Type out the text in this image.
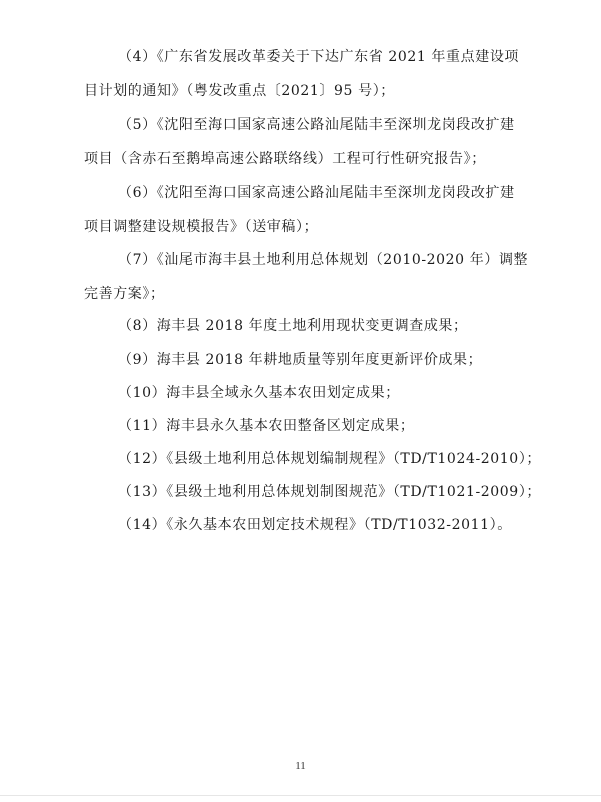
（4）《广东省发展改革委关于下达广东省 2021 年重点建设项
目计划的通知》（粤发改重点〔2021〕95 号）；
（5）《沈阳至海口国家高速公路汕尾陆丰至深圳龙岗段改扩建
项目（含赤石至鹅埠高速公路联络线）工程可行性研究报告》；
（6）《沈阳至海口国家高速公路汕尾陆丰至深圳龙岗段改扩建
项目调整建设规模报告》（送审稿）；
（7）《汕尾市海丰县土地利用总体规划（2010-2020 年）调整
完善方案》；
（8）海丰县 2018 年度土地利用现状变更调查成果；
（9）海丰县 2018 年耕地质量等别年度更新评价成果；
（10）海丰县全域永久基本农田划定成果；
（11）海丰县永久基本农田整备区划定成果；
（12）《县级土地利用总体规划编制规程》（TD/T1024-2010）；
（13）《县级土地利用总体规划制图规范》（TD/T1021-2009）；
（14）《永久基本农田划定技术规程》（TD/T1032-2011）。
11
